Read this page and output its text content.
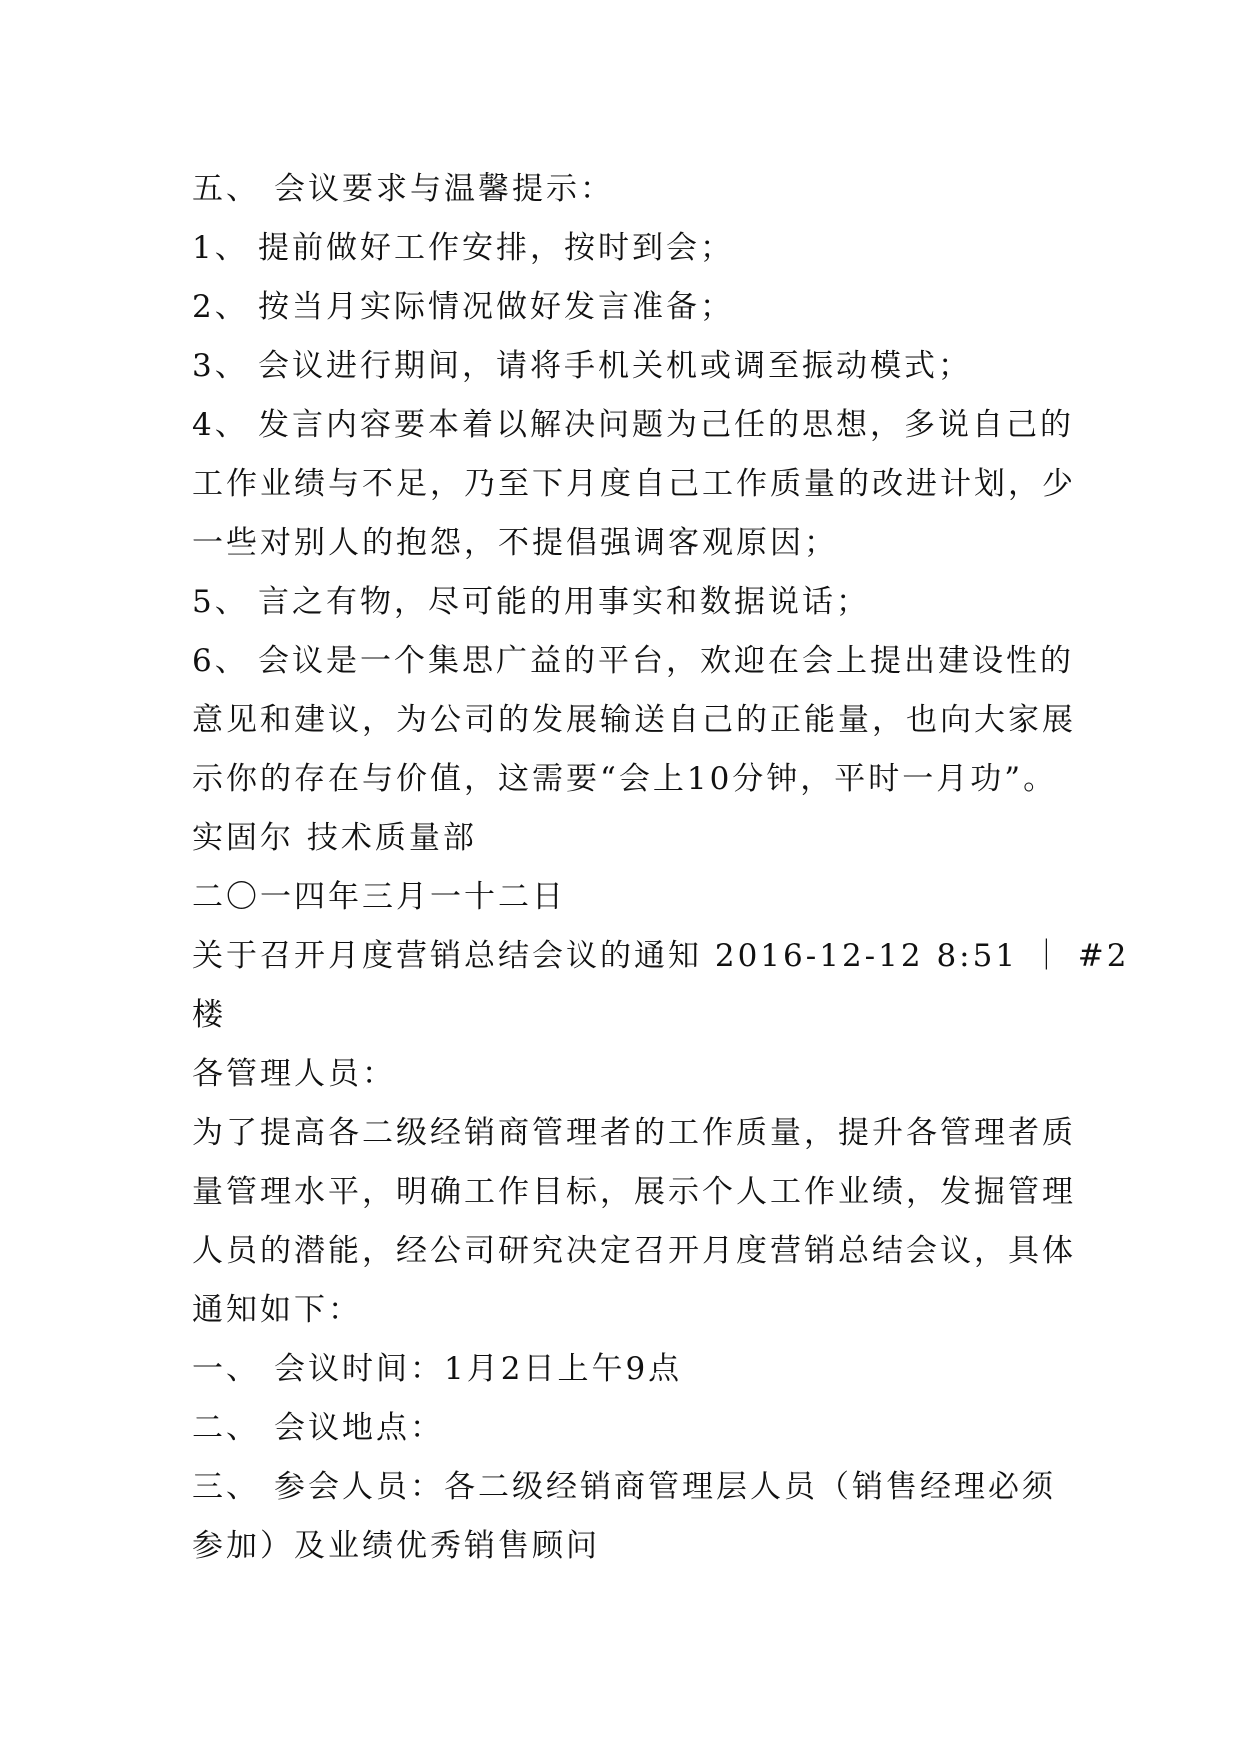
五、 会议要求与温馨提示：
1、 提前做好工作安排，按时到会；
2、 按当月实际情况做好发言准备；
3、 会议进行期间，请将手机关机或调至振动模式；
4、 发言内容要本着以解决问题为己任的思想，多说自己的
工作业绩与不足，乃至下月度自己工作质量的改进计划，少
一些对别人的抱怨，不提倡强调客观原因；
5、 言之有物，尽可能的用事实和数据说话；
6、 会议是一个集思广益的平台，欢迎在会上提出建设性的
意见和建议，为公司的发展输送自己的正能量，也向大家展
示你的存在与价值，这需要“会上10分钟，平时一月功”。
实固尔 技术质量部
二〇一四年三月一十二日
关于召开月度营销总结会议的通知 2016-12-12 8:51 ｜ #2
楼
各管理人员：
为了提高各二级经销商管理者的工作质量，提升各管理者质
量管理水平，明确工作目标，展示个人工作业绩，发掘管理
人员的潜能，经公司研究决定召开月度营销总结会议，具体
通知如下：
一、 会议时间：1月2日上午9点
二、 会议地点：
三、 参会人员：各二级经销商管理层人员（销售经理必须
参加）及业绩优秀销售顾问
